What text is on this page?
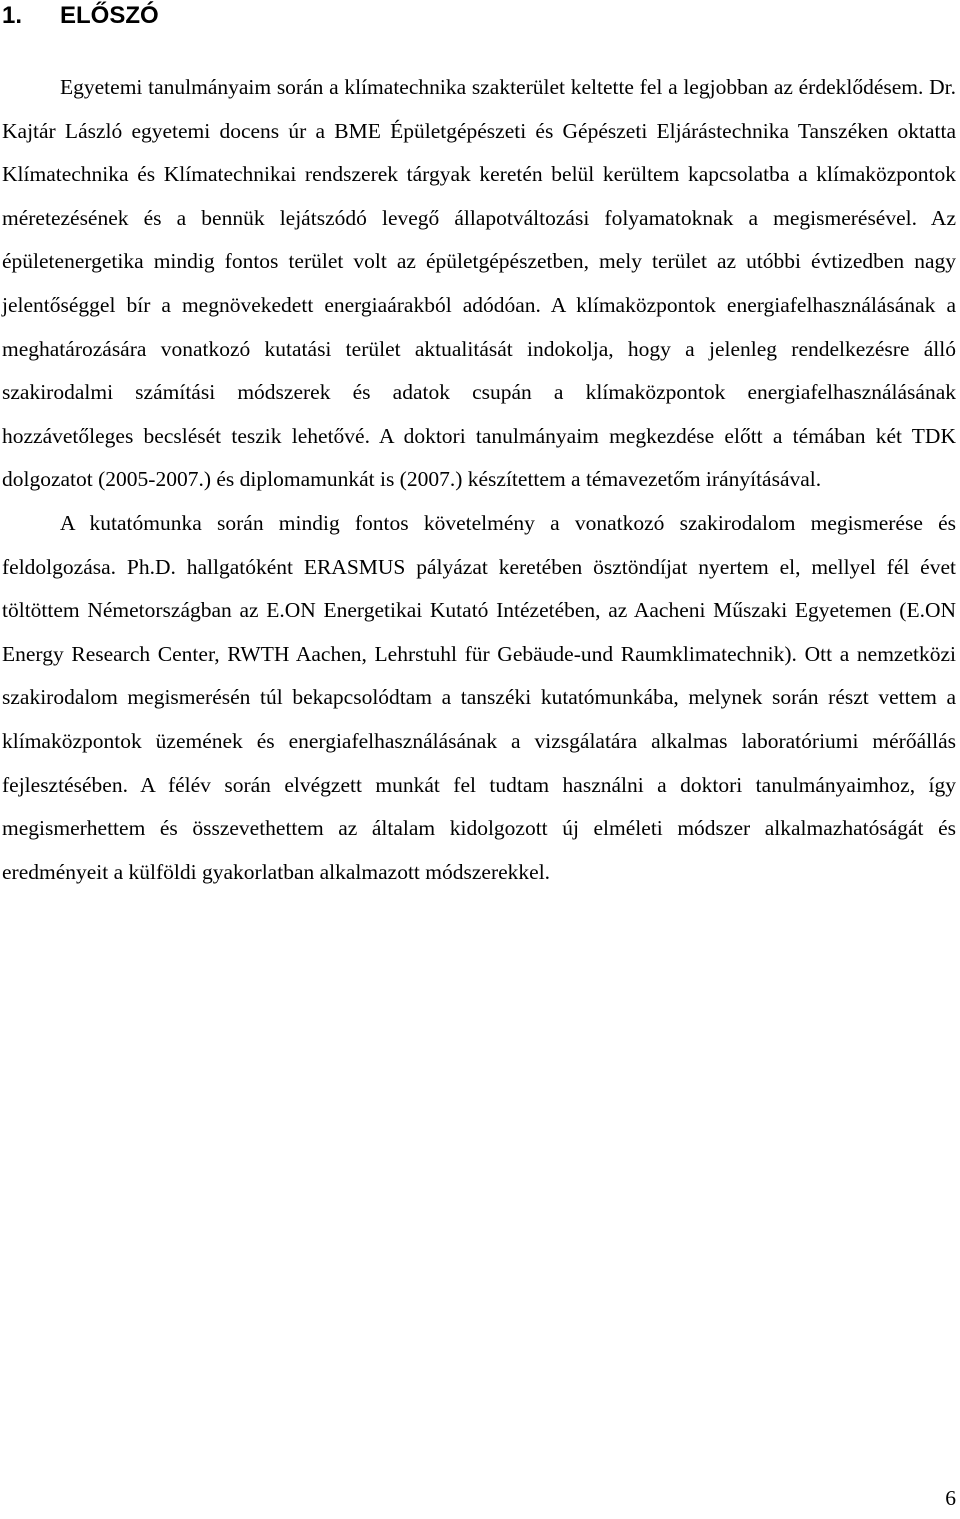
1. ELŐSZÓ

Egyetemi tanulmányaim során a klímatechnika szakterület keltette fel a legjobban az érdeklődésem. Dr. Kajtár László egyetemi docens úr a BME Épületgépészeti és Gépészeti Eljárástechnika Tanszéken oktatta Klímatechnika és Klímatechnikai rendszerek tárgyak keretén belül kerültem kapcsolatba a klímaközpontok méretezésének és a bennük lejátszódó levegő állapotváltozási folyamatoknak a megismerésével. Az épületenergetika mindig fontos terület volt az épületgépészetben, mely terület az utóbbi évtizedben nagy jelentőséggel bír a megnövekedett energiaárakból adódóan. A klímaközpontok energiafelhasználásának a meghatározására vonatkozó kutatási terület aktualitását indokolja, hogy a jelenleg rendelkezésre álló szakirodalmi számítási módszerek és adatok csupán a klímaközpontok energiafelhasználásának hozzávetőleges becslését teszik lehetővé. A doktori tanulmányaim megkezdése előtt a témában két TDK dolgozatot (2005-2007.) és diplomamunkát is (2007.) készítettem a témavezetőm irányításával.

A kutatómunka során mindig fontos követelmény a vonatkozó szakirodalom megismerése és feldolgozása. Ph.D. hallgatóként ERASMUS pályázat keretében ösztöndíjat nyertem el, mellyel fél évet töltöttem Németországban az E.ON Energetikai Kutató Intézetében, az Aacheni Műszaki Egyetemen (E.ON Energy Research Center, RWTH Aachen, Lehrstuhl für Gebäude-und Raumklimatechnik). Ott a nemzetközi szakirodalom megismerésén túl bekapcsolódtam a tanszéki kutatómunkába, melynek során részt vettem a klímaközpontok üzemének és energiafelhasználásának a vizsgálatára alkalmas laboratóriumi mérőállás fejlesztésében. A félév során elvégzett munkát fel tudtam használni a doktori tanulmányaimhoz, így megismerhettem és összevethettem az általam kidolgozott új elméleti módszer alkalmazhatóságát és eredményeit a külföldi gyakorlatban alkalmazott módszerekkel.

6
